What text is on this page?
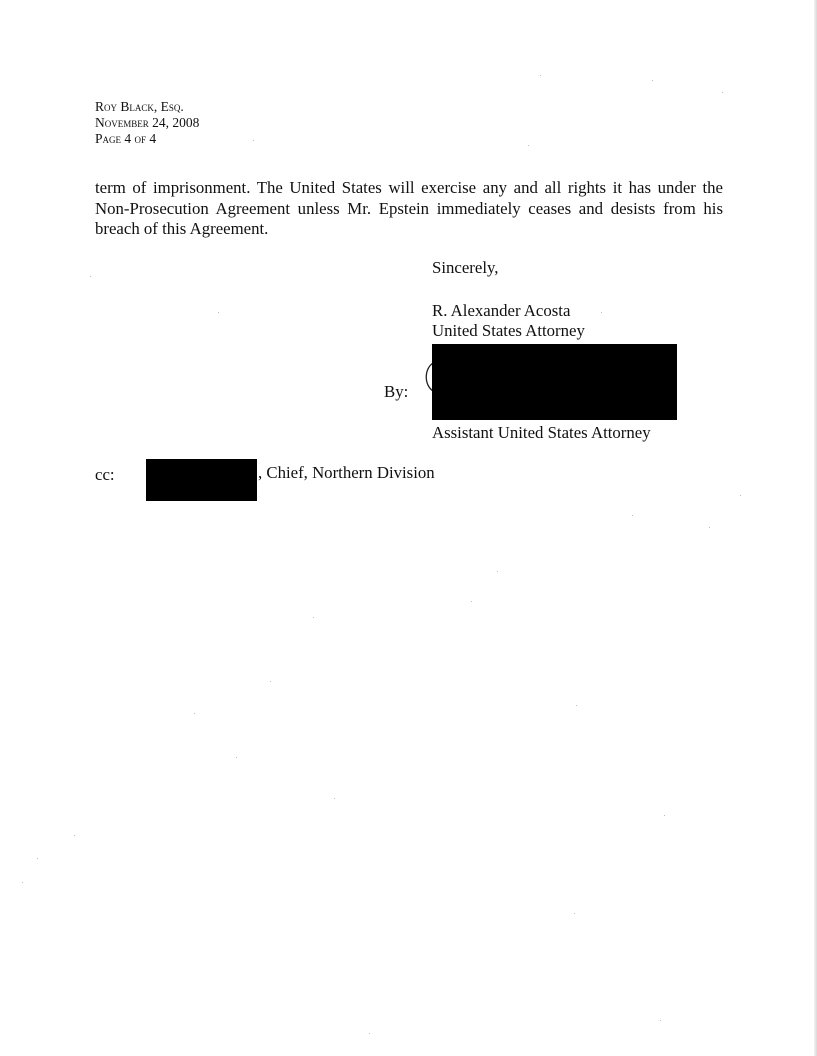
Roy Black, Esq.
November 24, 2008
Page 4 of 4
term of imprisonment. The United States will exercise any and all rights it has under the
Non-Prosecution Agreement unless Mr. Epstein immediately ceases and desists from his
breach of this Agreement.
Sincerely,
R. Alexander Acosta
United States Attorney
By:
Assistant United States Attorney
cc:	, Chief, Northern Division
